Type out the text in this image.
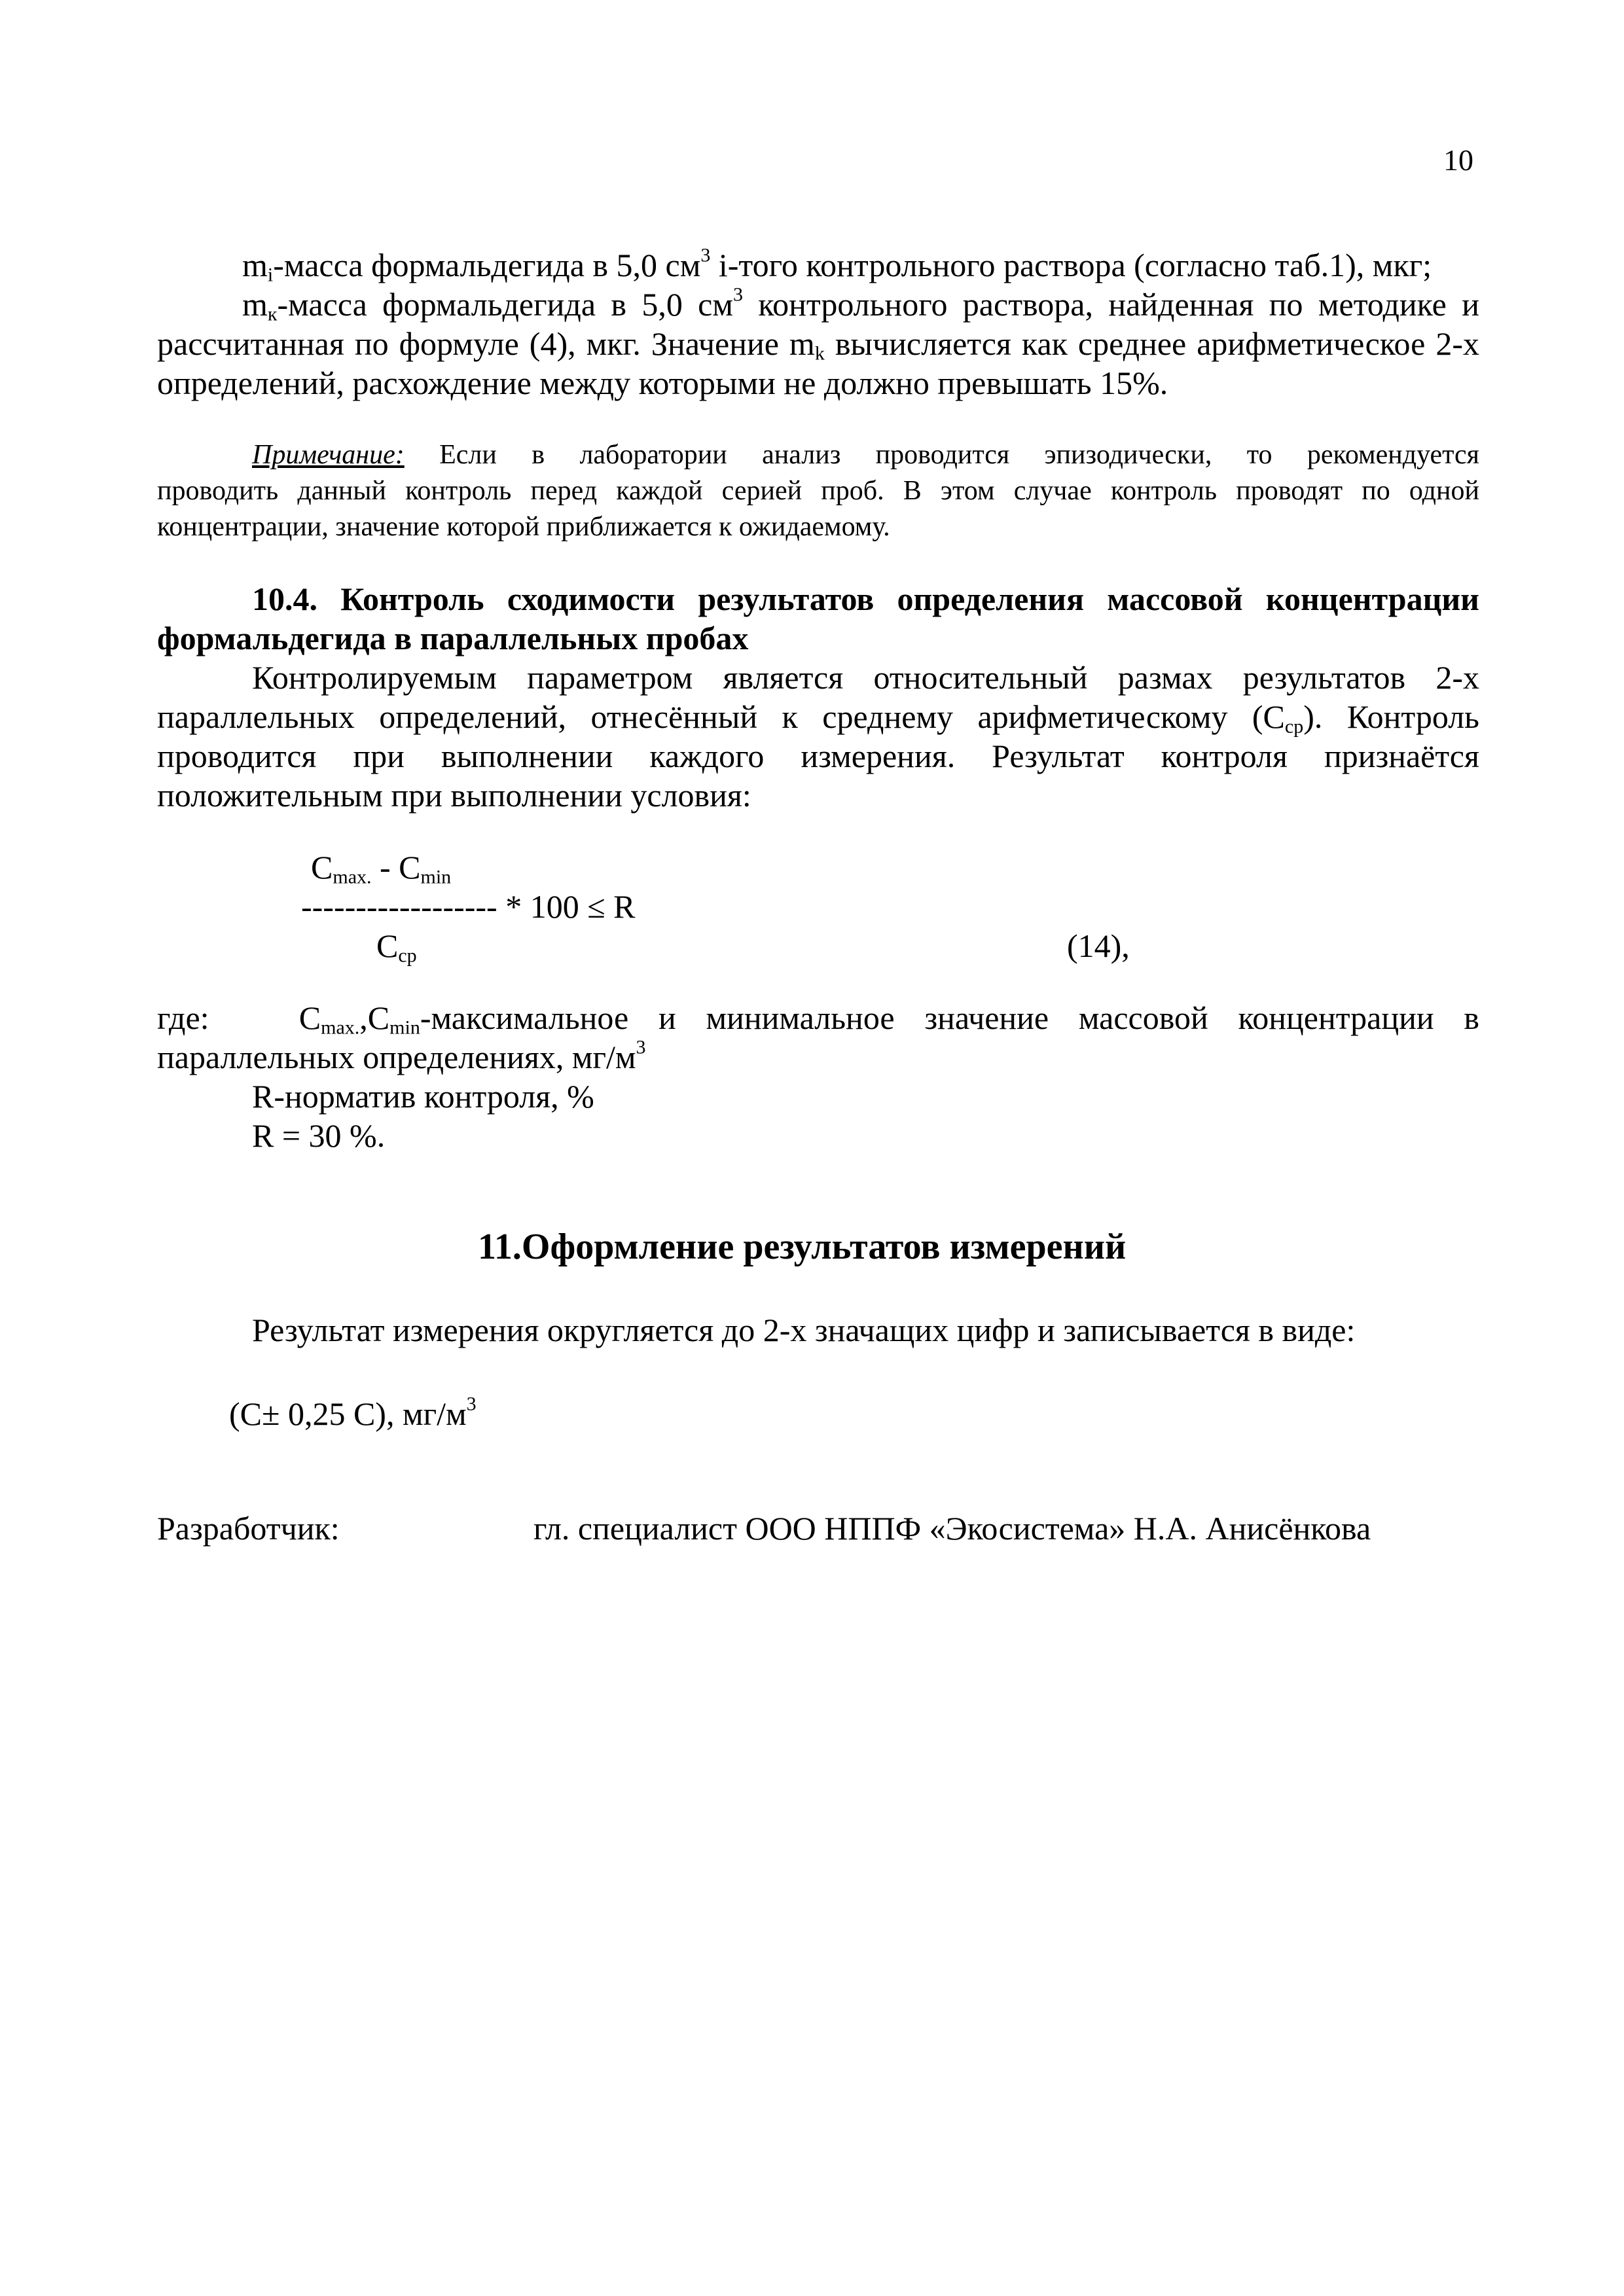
10
$m_i$-масса формальдегида в 5,0 $см^3$ i-того контрольного раствора (согласно таб.1), мкг;
$m_к$-масса формальдегида в 5,0 $см^3$ контрольного раствора, найденная по методике и
рассчитанная по формуле (4), мкг. Значение $m_k$ вычисляется как среднее арифметическое 2-х
определений, расхождение между которыми не должно превышать 15%.
Примечание: Если в лаборатории анализ проводится эпизодически, то рекомендуется
проводить данный контроль перед каждой серией проб. В этом случае контроль проводят по одной
концентрации, значение которой приближается к ожидаемому.
10.4. Контроль сходимости результатов определения массовой концентрации
формальдегида в параллельных пробах
Контролируемым параметром является относительный размах результатов 2-х
параллельных определений, отнесённый к среднему арифметическому $(С_{ср})$. Контроль
проводится при выполнении каждого измерения. Результат контроля признаётся
положительным при выполнении условия:
$C_{max.} - C_{min}$
------------------ * 100 ≤ R
$C_{ср}$	(14),
где:	$C_{max.},C_{min}$-максимальное и минимальное значение массовой концентрации в
параллельных определениях, $мг/м^3$
R-норматив контроля, %
R = 30 %.
11.Оформление результатов измерений
Результат измерения округляется до 2-х значащих цифр и записывается в виде:
(С± 0,25 С), $мг/м^3$
Разработчик:	гл. специалист ООО НППФ «Экосистема» Н.А. Анисёнкова
